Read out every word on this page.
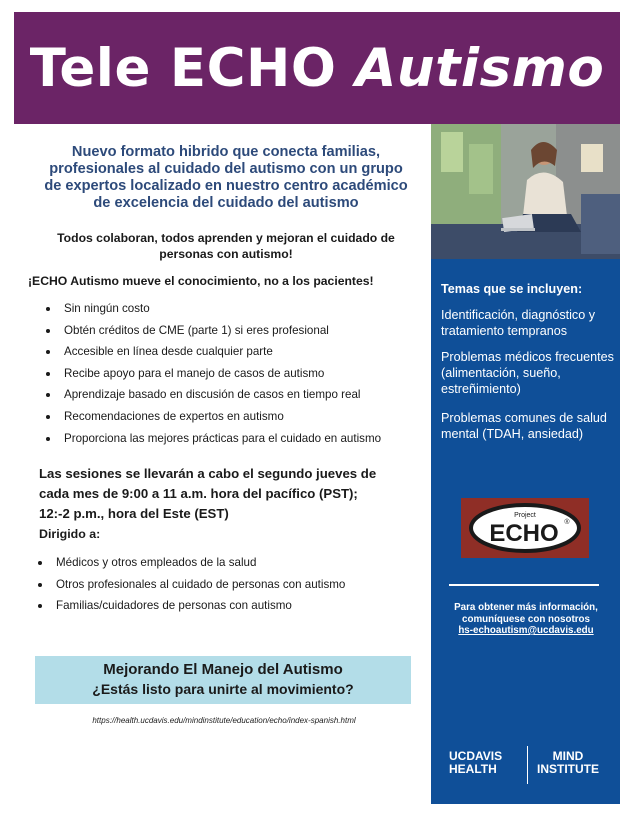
Tele ECHO Autismo
Nuevo formato hibrido que conecta familias, profesionales al cuidado del autismo con un grupo de expertos localizado en nuestro centro académico de excelencia del cuidado del autismo
Todos colaboran, todos aprenden y mejoran el cuidado de personas con autismo!
¡ECHO Autismo mueve el conocimiento, no a los pacientes!
Sin ningún costo
Obtén créditos de CME (parte 1) si eres profesional
Accesible en línea desde cualquier parte
Recibe apoyo para el manejo de casos de autismo
Aprendizaje basado en discusión de casos en tiempo real
Recomendaciones de expertos en autismo
Proporciona las mejores prácticas para el cuidado en autismo
Las sesiones se llevarán a cabo el segundo jueves de
cada mes de 9:00 a 11 a.m. hora del pacífico (PST);
12:-2 p.m., hora del Este (EST)
Dirigido a:
Médicos y otros empleados de la salud
Otros profesionales al cuidado de personas con autismo
Familias/cuidadores de personas con autismo
Mejorando El Manejo del Autismo
¿Estás listo para unirte al movimiento?
https://health.ucdavis.edu/mindinstitute/education/echo/index-spanish.html
Temas que se incluyen:
Identificación, diagnóstico y tratamiento tempranos
Problemas médicos frecuentes (alimentación, sueño, estreñimiento)
Problemas comunes de salud mental (TDAH, ansiedad)
Project
ECHO ®
Para obtener más información,
comuníquese con nosotros
hs-echoautism@ucdavis.edu
UCDAVIS
HEALTH
MIND
INSTITUTE
